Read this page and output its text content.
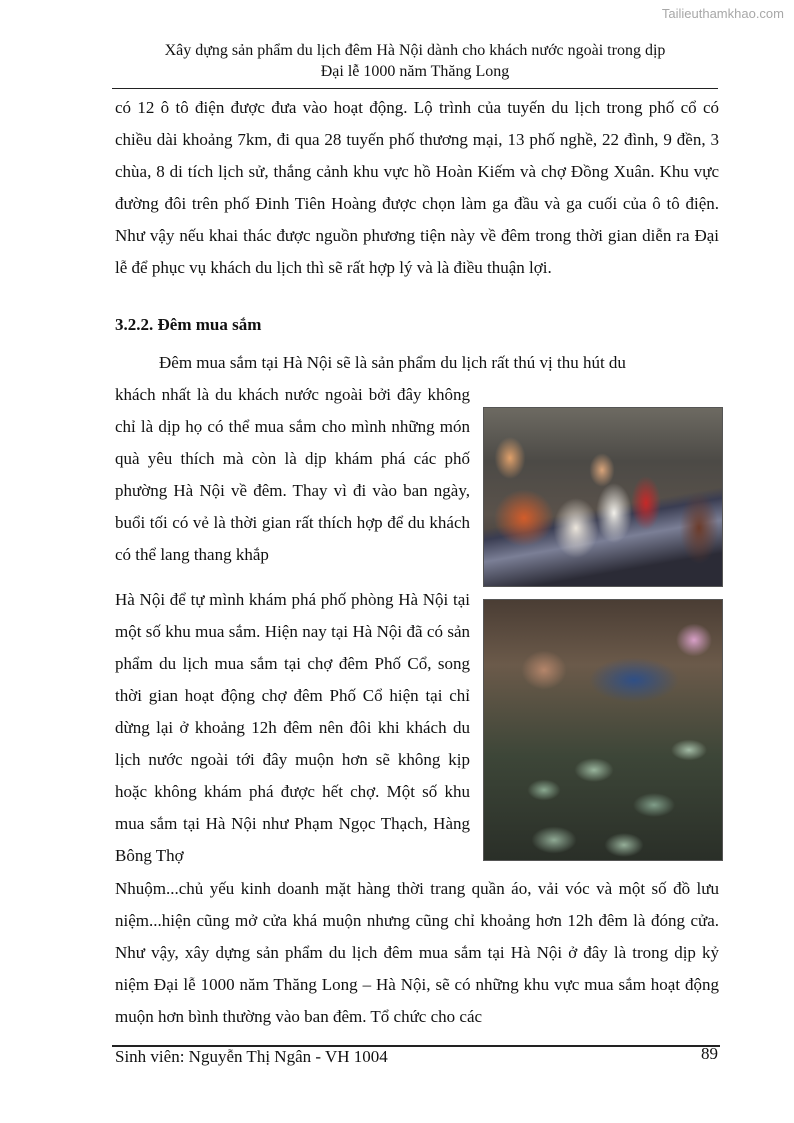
Tailieuthamkhao.com
Xây dựng sản phẩm du lịch đêm Hà Nội dành cho khách nước ngoài trong dịp
Đại lễ 1000 năm Thăng Long
có 12 ô tô điện được đưa vào hoạt động. Lộ trình của tuyến du lịch trong phố cổ có chiều dài khoảng 7km, đi qua 28 tuyến phố thương mại, 13 phố nghề, 22 đình, 9 đền, 3 chùa, 8 di tích lịch sử, thắng cảnh khu vực hồ Hoàn Kiếm và chợ Đồng Xuân. Khu vực đường đôi trên phố Đinh Tiên Hoàng được chọn làm ga đầu và ga cuối của ô tô điện. Như vậy nếu khai thác được nguồn phương tiện này về đêm trong thời gian diễn ra Đại lễ để phục vụ khách du lịch thì sẽ rất hợp lý và là điều thuận lợi.
3.2.2. Đêm mua sắm
Đêm mua sắm tại Hà Nội sẽ là sản phẩm du lịch rất thú vị thu hút du
khách nhất là du khách nước ngoài bởi đây không chỉ là dịp họ có thể mua sắm cho mình những món quà yêu thích mà còn là dịp khám phá các phố phường Hà Nội về đêm. Thay vì đi vào ban ngày, buổi tối có vẻ là thời gian rất thích hợp để du khách có thể lang thang khắp
Hà Nội để tự mình khám phá phố phòng Hà Nội tại một số khu mua sắm. Hiện nay tại Hà Nội đã có sản phẩm du lịch mua sắm tại chợ đêm Phố Cổ, song thời gian hoạt động chợ đêm Phố Cổ hiện tại chỉ dừng lại ở khoảng 12h đêm nên đôi khi khách du lịch nước ngoài tới đây muộn hơn sẽ không kịp hoặc không khám phá được hết chợ. Một số khu mua sắm tại Hà Nội như Phạm Ngọc Thạch, Hàng Bông Thợ
Nhuộm...chủ yếu kinh doanh mặt hàng thời trang quần áo, vải vóc và một số đồ lưu niệm...hiện cũng mở cửa khá muộn nhưng cũng chỉ khoảng hơn 12h đêm là đóng cửa. Như vậy, xây dựng sản phẩm du lịch đêm mua sắm tại Hà Nội ở đây là trong dịp kỷ niệm Đại lễ 1000 năm Thăng Long – Hà Nội, sẽ có những khu vực mua sắm hoạt động muộn hơn bình thường vào ban đêm. Tổ chức cho các
Sinh viên: Nguyễn Thị Ngân - VH 1004	89
